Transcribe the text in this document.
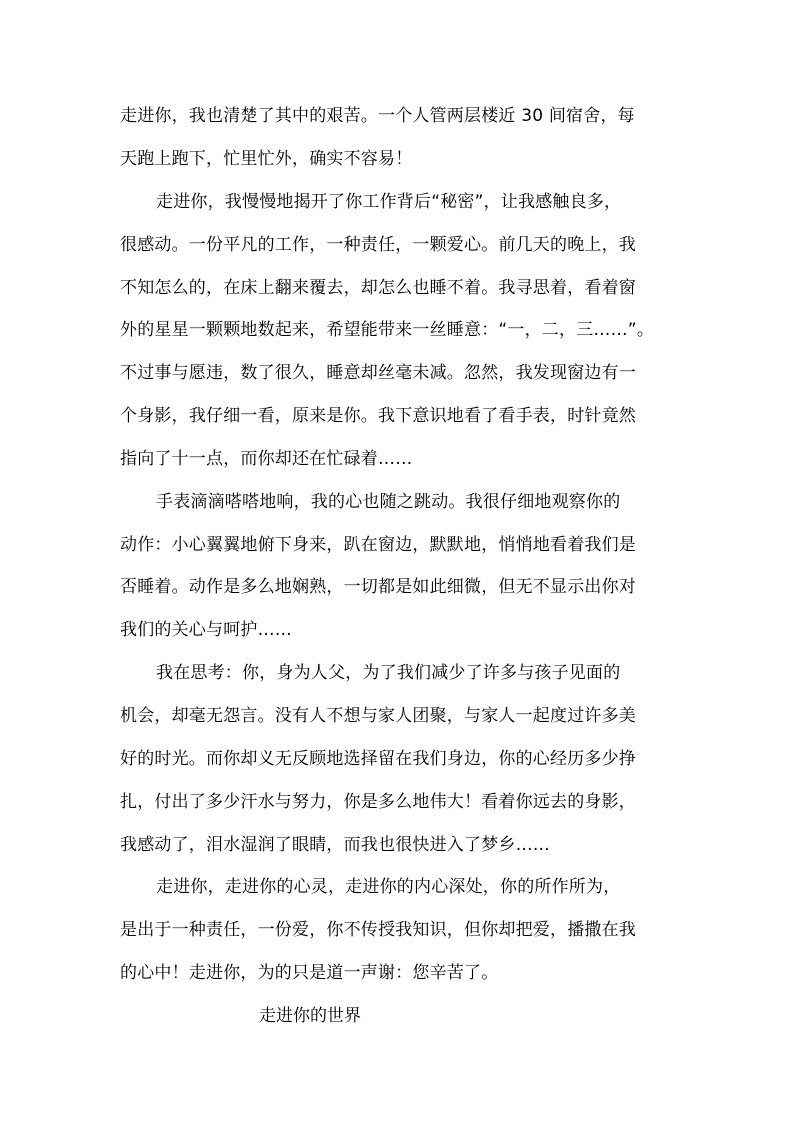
走进你，我也清楚了其中的艰苦。一个人管两层楼近 30 间宿舍，每
天跑上跑下，忙里忙外，确实不容易！
走进你，我慢慢地揭开了你工作背后“秘密”，让我感触良多，
很感动。一份平凡的工作，一种责任，一颗爱心。前几天的晚上，我
不知怎么的，在床上翻来覆去，却怎么也睡不着。我寻思着，看着窗
外的星星一颗颗地数起来，希望能带来一丝睡意：“一，二，三……”。
不过事与愿违，数了很久，睡意却丝毫未减。忽然，我发现窗边有一
个身影，我仔细一看，原来是你。我下意识地看了看手表，时针竟然
指向了十一点，而你却还在忙碌着……
手表滴滴嗒嗒地响，我的心也随之跳动。我很仔细地观察你的
动作：小心翼翼地俯下身来，趴在窗边，默默地，悄悄地看着我们是
否睡着。动作是多么地娴熟，一切都是如此细微，但无不显示出你对
我们的关心与呵护……
我在思考：你，身为人父，为了我们减少了许多与孩子见面的
机会，却毫无怨言。没有人不想与家人团聚，与家人一起度过许多美
好的时光。而你却义无反顾地选择留在我们身边，你的心经历多少挣
扎，付出了多少汗水与努力，你是多么地伟大！看着你远去的身影，
我感动了，泪水湿润了眼睛，而我也很快进入了梦乡……
走进你，走进你的心灵，走进你的内心深处，你的所作所为，
是出于一种责任，一份爱，你不传授我知识，但你却把爱，播撒在我
的心中！走进你，为的只是道一声谢：您辛苦了。
走进你的世界
